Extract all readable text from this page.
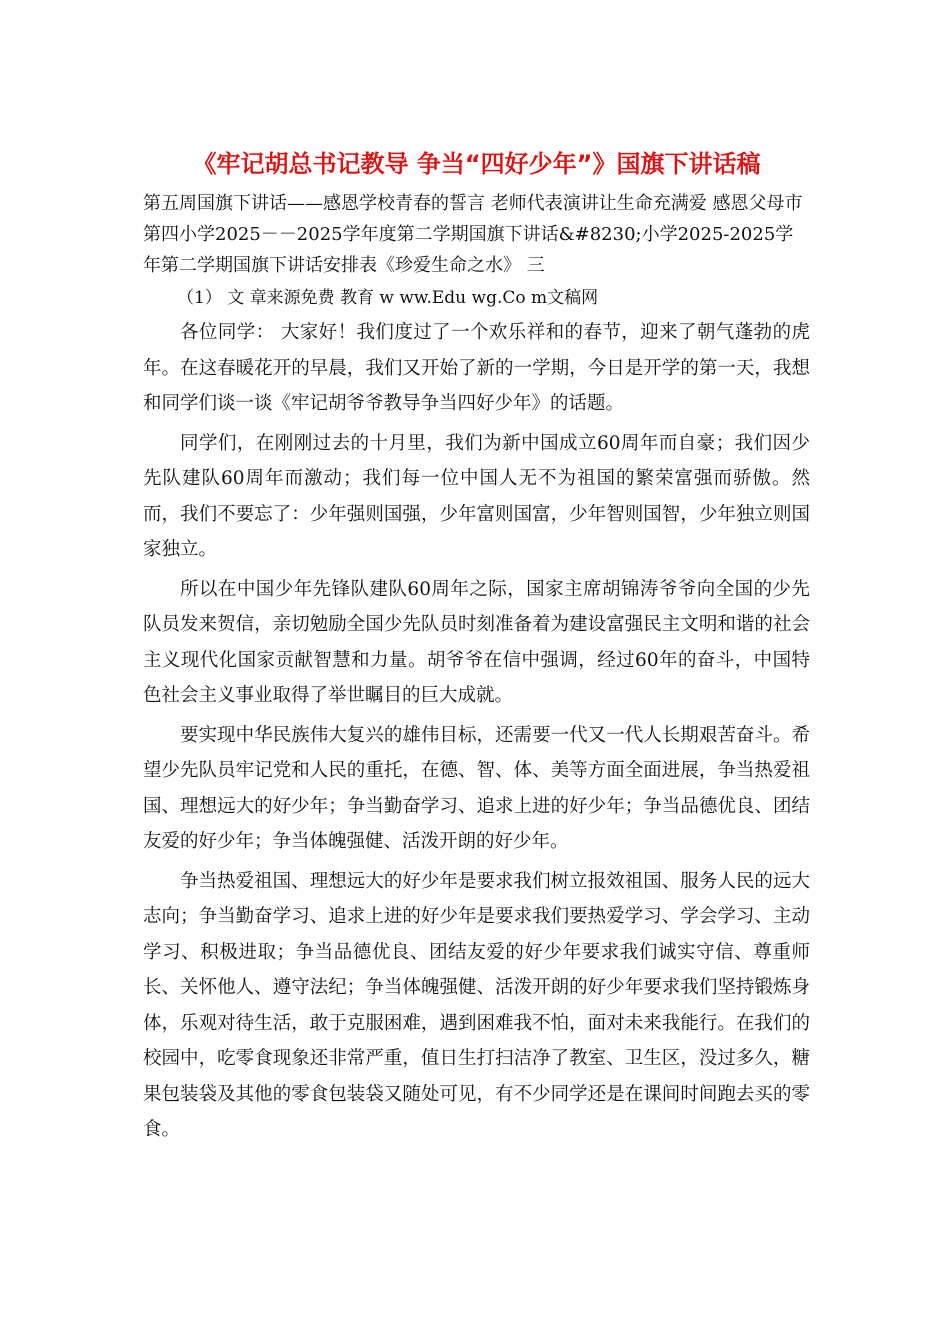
《牢记胡总书记教导 争当“四好少年”》国旗下讲话稿
第五周国旗下讲话——感恩学校青春的誓言 老师代表演讲让生命充满爱 感恩父母市第四小学2025－－2025学年度第二学期国旗下讲话&#8230;小学2025-2025学年第二学期国旗下讲话安排表《珍爱生命之水》 三
（1） 文 章来源免费 教育 w ww.Edu wg.Co m文稿网

各位同学： 大家好！我们度过了一个欢乐祥和的春节，迎来了朝气蓬勃的虎年。在这春暖花开的早晨，我们又开始了新的一学期，今日是开学的第一天，我想和同学们谈一谈《牢记胡爷爷教导争当四好少年》的话题。

同学们，在刚刚过去的十月里，我们为新中国成立60周年而自豪；我们因少先队建队60周年而激动；我们每一位中国人无不为祖国的繁荣富强而骄傲。然而，我们不要忘了：少年强则国强，少年富则国富，少年智则国智，少年独立则国家独立。

所以在中国少年先锋队建队60周年之际，国家主席胡锦涛爷爷向全国的少先队员发来贺信，亲切勉励全国少先队员时刻准备着为建设富强民主文明和谐的社会主义现代化国家贡献智慧和力量。胡爷爷在信中强调，经过60年的奋斗，中国特色社会主义事业取得了举世瞩目的巨大成就。

要实现中华民族伟大复兴的雄伟目标，还需要一代又一代人长期艰苦奋斗。希望少先队员牢记党和人民的重托，在德、智、体、美等方面全面进展，争当热爱祖国、理想远大的好少年；争当勤奋学习、追求上进的好少年；争当品德优良、团结友爱的好少年；争当体魄强健、活泼开朗的好少年。

争当热爱祖国、理想远大的好少年是要求我们树立报效祖国、服务人民的远大志向；争当勤奋学习、追求上进的好少年是要求我们要热爱学习、学会学习、主动学习、积极进取；争当品德优良、团结友爱的好少年要求我们诚实守信、尊重师长、关怀他人、遵守法纪；争当体魄强健、活泼开朗的好少年要求我们坚持锻炼身体，乐观对待生活，敢于克服困难，遇到困难我不怕，面对未来我能行。在我们的校园中，吃零食现象还非常严重，值日生打扫洁净了教室、卫生区，没过多久，糖果包装袋及其他的零食包装袋又随处可见，有不少同学还是在课间时间跑去买的零食。
